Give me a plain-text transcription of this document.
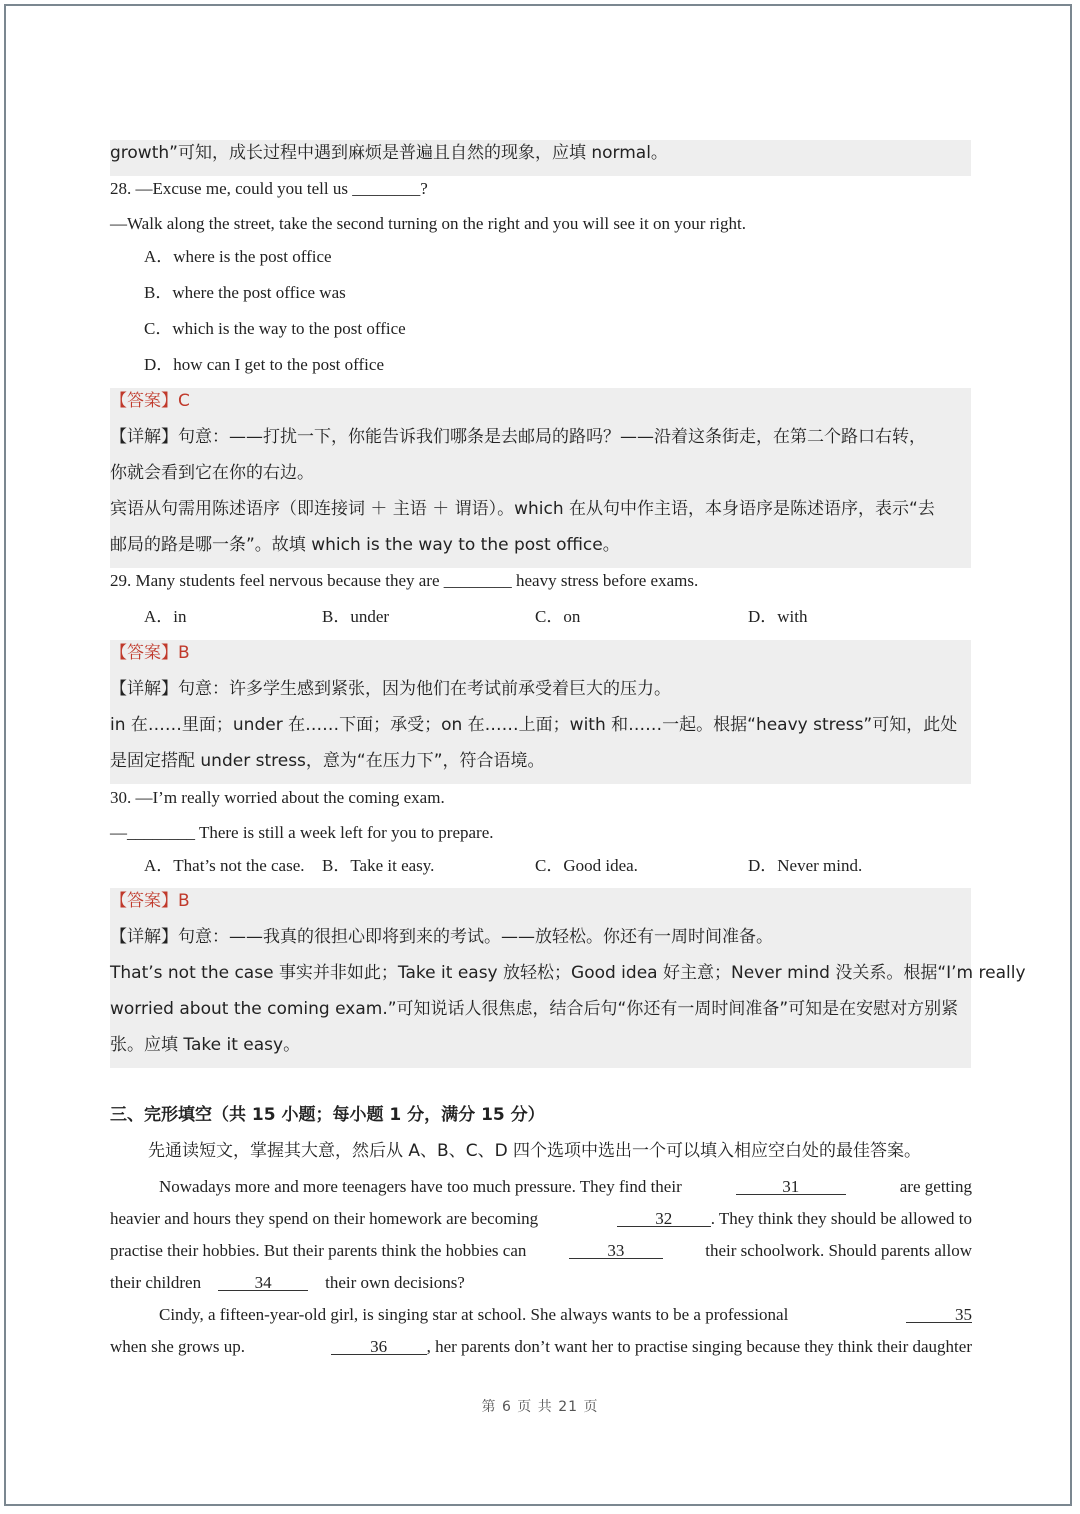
growth”可知，成长过程中遇到麻烦是普遍且自然的现象，应填 normal。
28. —Excuse me, could you tell us ________?
—Walk along the street, take the second turning on the right and you will see it on your right.
A．where is the post office
B．where the post office was
C．which is the way to the post office
D．how can I get to the post office
【答案】C
【详解】句意：——打扰一下，你能告诉我们哪条是去邮局的路吗？——沿着这条街走，在第二个路口右转，
你就会看到它在你的右边。
宾语从句需用陈述语序（即连接词 ＋ 主语 ＋ 谓语）。which 在从句中作主语，本身语序是陈述语序，表示“去
邮局的路是哪一条”。故填 which is the way to the post office。
29. Many students feel nervous because they are ________ heavy stress before exams.
A．in	B．under	C．on	D．with
【答案】B
【详解】句意：许多学生感到紧张，因为他们在考试前承受着巨大的压力。
in 在……里面；under 在……下面；承受；on 在……上面；with 和……一起。根据“heavy stress”可知，此处
是固定搭配 under stress，意为“在压力下”，符合语境。
30. —I’m really worried about the coming exam.
—________ There is still a week left for you to prepare.
A．That’s not the case. B．Take it easy.	C．Good idea.	D．Never mind.
【答案】B
【详解】句意：——我真的很担心即将到来的考试。——放轻松。你还有一周时间准备。
That’s not the case 事实并非如此；Take it easy 放轻松；Good idea 好主意；Never mind 没关系。根据“I’m really
worried about the coming exam.”可知说话人很焦虑，结合后句“你还有一周时间准备”可知是在安慰对方别紧
张。应填 Take it easy。
三、完形填空（共 15 小题；每小题 1 分，满分 15 分）
先通读短文，掌握其大意，然后从 A、B、C、D 四个选项中选出一个可以填入相应空白处的最佳答案。
Nowadays more and more teenagers have too much pressure. They find their	31	are getting
heavier and hours they spend on their homework are becoming	32	. They think they should be allowed to
practise their hobbies. But their parents think the hobbies can	33	their schoolwork. Should parents allow
their children	34	their own decisions?
Cindy, a fifteen-year-old girl, is singing star at school. She always wants to be a professional	35
when she grows up.	36	, her parents don’t want her to practise singing because they think their daughter
第 6 页 共 21 页
